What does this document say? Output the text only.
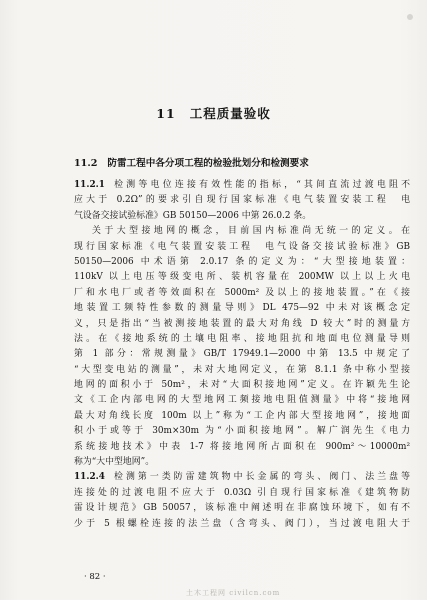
11 工程质量验收
11.2 防雷工程中各分项工程的检验批划分和检测要求
11.2.1 检测等电位连接有效性能的指标，“其间直流过渡电阻不
应大于 0.2Ω”的要求引自现行国家标准《电气装置安装工程　电
气设备交接试验标准》GB 50150—2006 中第 26.0.2 条。
关于大型接地网的概念，目前国内标准尚无统一的定义。在
现行国家标准《电气装置安装工程　电气设备交接试验标准》GB
50150—2006 中术语第 2.0.17 条的定义为：“大型接地装置：
110kV 以上电压等级变电所、装机容量在 200MW 以上以上火电
厂和水电厂或者等效面积在 5000m² 及以上的接地装置。”在《接
地装置工频特性参数的测量导则》DL 475—92 中未对该概念定
义，只是指出“当被测接地装置的最大对角线 D 较大”时的测量方
法。在《接地系统的土壤电阻率、接地阻抗和地面电位测量导则
第 1 部分：常规测量》GB/T 17949.1—2000 中第 13.5 中规定了
“大型变电站的测量”，未对大地网定义，在第 8.1.1 条中称小型接
地网的面积小于 50m²，未对“大面积接地网”定义。在许颖先生论
文《工企内部电网的大型地网工频接地电阻值测量》中将“接地网
最大对角线长度 100m 以上”称为“工企内部大型接地网”，接地面
积小于或等于 30m×30m 为“小面积接地网”。解广润先生《电力
系统接地技术》中表 1-7 将接地网所占面积在 900m²～10000m²
称为“大中型地网”。
11.2.4 检测第一类防雷建筑物中长金属的弯头、阀门、法兰盘等
连接处的过渡电阻不应大于 0.03Ω 引自现行国家标准《建筑物防
雷设计规范》GB 50057，该标准中阐述明在非腐蚀环境下，如有不
少于 5 根螺栓连接的法兰盘（含弯头、阀门），当过渡电阻大于
· 82 ·
土木工程网 civilcn.com
